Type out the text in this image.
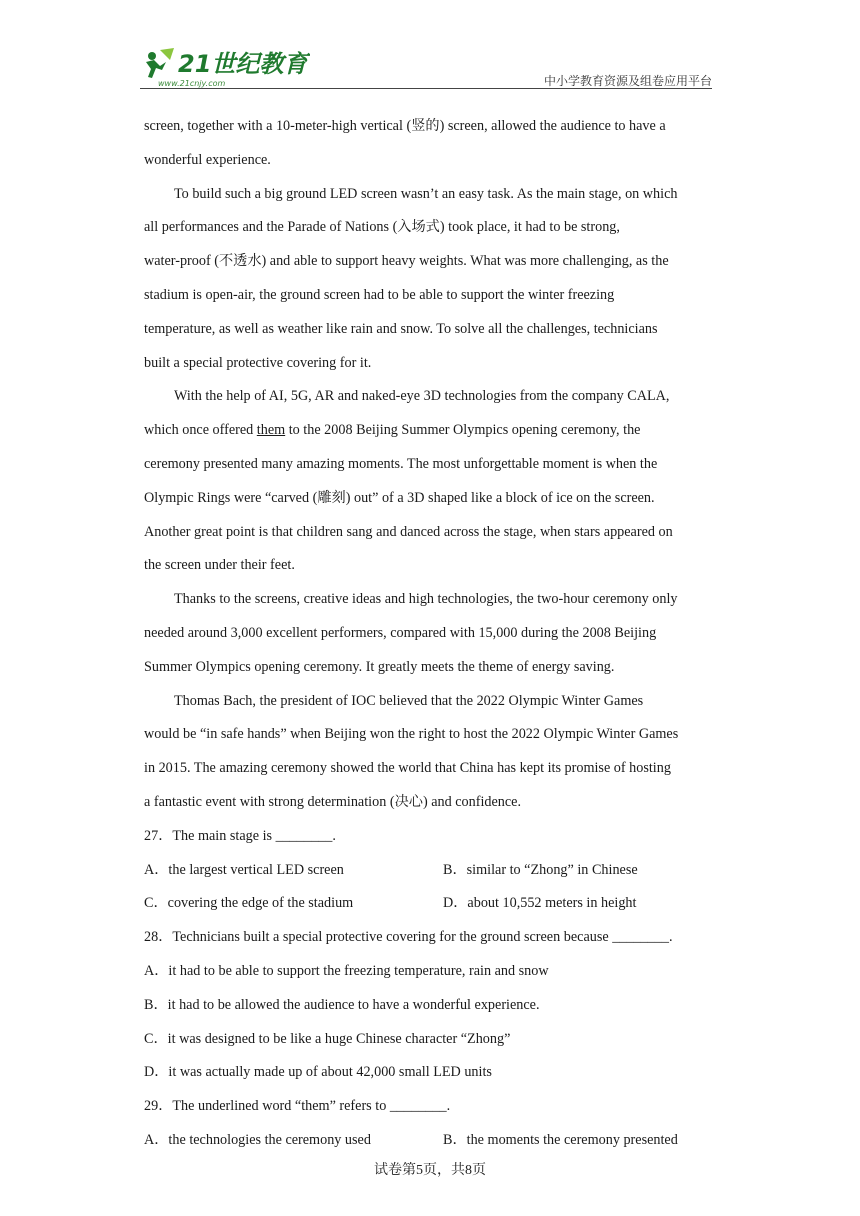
21世纪教育
www.21cnjy.com	中小学教育资源及组卷应用平台
screen, together with a 10-meter-high vertical (竖的) screen, allowed the audience to have a
wonderful experience.
To build such a big ground LED screen wasn’t an easy task. As the main stage, on which
all performances and the Parade of Nations (入场式) took place, it had to be strong,
water-proof (不透水) and able to support heavy weights. What was more challenging, as the
stadium is open-air, the ground screen had to be able to support the winter freezing
temperature, as well as weather like rain and snow. To solve all the challenges, technicians
built a special protective covering for it.
With the help of AI, 5G, AR and naked-eye 3D technologies from the company CALA,
which once offered them to the 2008 Beijing Summer Olympics opening ceremony, the
ceremony presented many amazing moments. The most unforgettable moment is when the
Olympic Rings were “carved (雕刻) out” of a 3D shaped like a block of ice on the screen.
Another great point is that children sang and danced across the stage, when stars appeared on
the screen under their feet.
Thanks to the screens, creative ideas and high technologies, the two-hour ceremony only
needed around 3,000 excellent performers, compared with 15,000 during the 2008 Beijing
Summer Olympics opening ceremony. It greatly meets the theme of energy saving.
Thomas Bach, the president of IOC believed that the 2022 Olympic Winter Games
would be “in safe hands” when Beijing won the right to host the 2022 Olympic Winter Games
in 2015. The amazing ceremony showed the world that China has kept its promise of hosting
a fantastic event with strong determination (决心) and confidence.
27．The main stage is ________.
A．the largest vertical LED screen	B．similar to “Zhong” in Chinese
C．covering the edge of the stadium	D．about 10,552 meters in height
28．Technicians built a special protective covering for the ground screen because ________.
A．it had to be able to support the freezing temperature, rain and snow
B．it had to be allowed the audience to have a wonderful experience.
C．it was designed to be like a huge Chinese character “Zhong”
D．it was actually made up of about 42,000 small LED units
29．The underlined word “them” refers to ________.
A．the technologies the ceremony used	B．the moments the ceremony presented
试卷第5页，共8页
